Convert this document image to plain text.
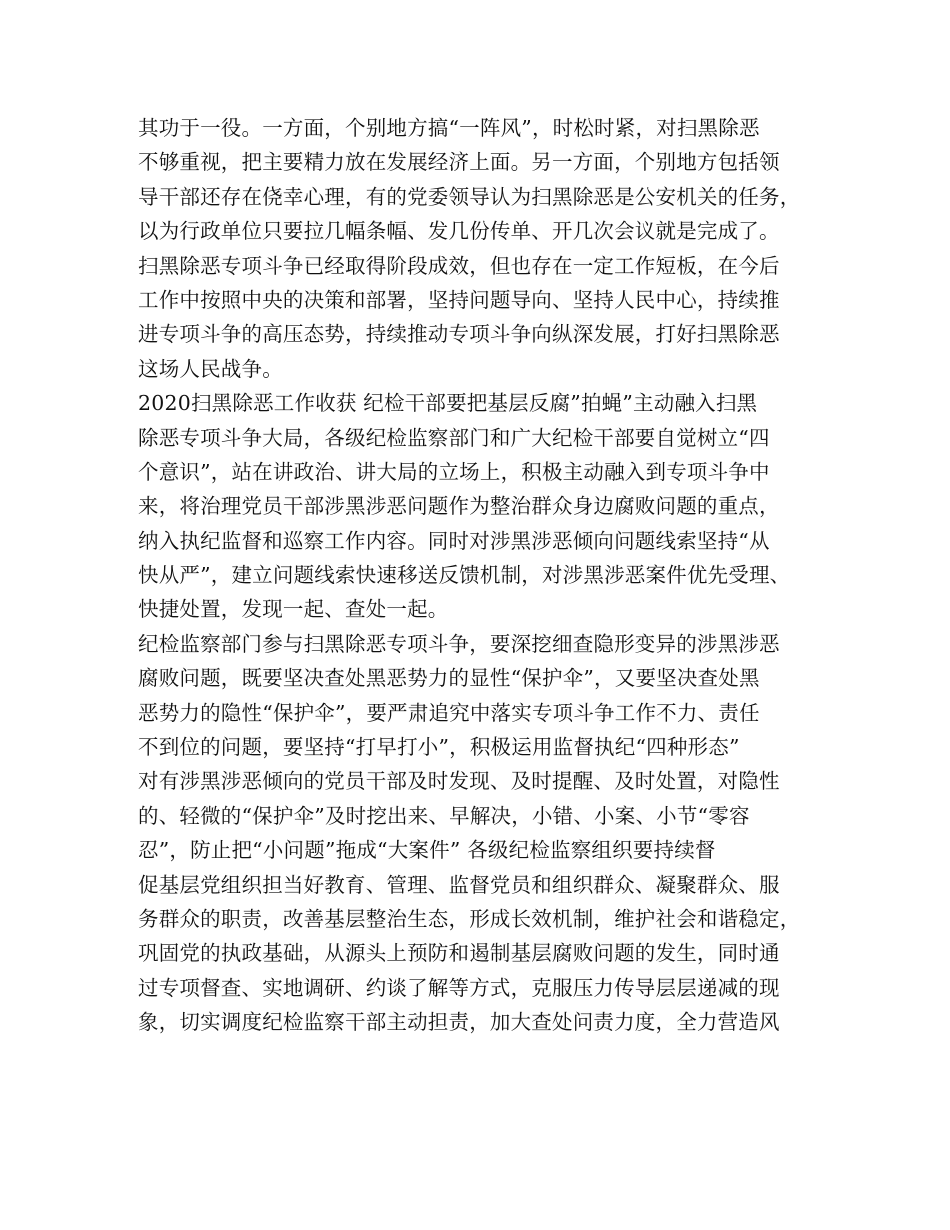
其功于一役。一方面，个别地方搞“一阵风”，时松时紧，对扫黑除恶
不够重视，把主要精力放在发展经济上面。另一方面，个别地方包括领
导干部还存在侥幸心理，有的党委领导认为扫黑除恶是公安机关的任务，
以为行政单位只要拉几幅条幅、发几份传单、开几次会议就是完成了。
扫黑除恶专项斗争已经取得阶段成效，但也存在一定工作短板，在今后
工作中按照中央的决策和部署，坚持问题导向、坚持人民中心，持续推
进专项斗争的高压态势，持续推动专项斗争向纵深发展，打好扫黑除恶
这场人民战争。
2020扫黑除恶工作收获 纪检干部要把基层反腐”拍蝇”主动融入扫黑
除恶专项斗争大局，各级纪检监察部门和广大纪检干部要自觉树立“四
个意识”，站在讲政治、讲大局的立场上，积极主动融入到专项斗争中
来，将治理党员干部涉黑涉恶问题作为整治群众身边腐败问题的重点，
纳入执纪监督和巡察工作内容。同时对涉黑涉恶倾向问题线索坚持“从
快从严”，建立问题线索快速移送反馈机制，对涉黑涉恶案件优先受理、
快捷处置，发现一起、查处一起。
纪检监察部门参与扫黑除恶专项斗争，要深挖细查隐形变异的涉黑涉恶
腐败问题，既要坚决查处黑恶势力的显性“保护伞”，又要坚决查处黑
恶势力的隐性“保护伞”，要严肃追究中落实专项斗争工作不力、责任
不到位的问题，要坚持“打早打小”，积极运用监督执纪“四种形态”
对有涉黑涉恶倾向的党员干部及时发现、及时提醒、及时处置，对隐性
的、轻微的“保护伞”及时挖出来、早解决，小错、小案、小节“零容
忍”，防止把“小问题”拖成“大案件” 各级纪检监察组织要持续督
促基层党组织担当好教育、管理、监督党员和组织群众、凝聚群众、服
务群众的职责，改善基层整治生态，形成长效机制，维护社会和谐稳定，
巩固党的执政基础，从源头上预防和遏制基层腐败问题的发生，同时通
过专项督查、实地调研、约谈了解等方式，克服压力传导层层递减的现
象，切实调度纪检监察干部主动担责，加大查处问责力度，全力营造风
